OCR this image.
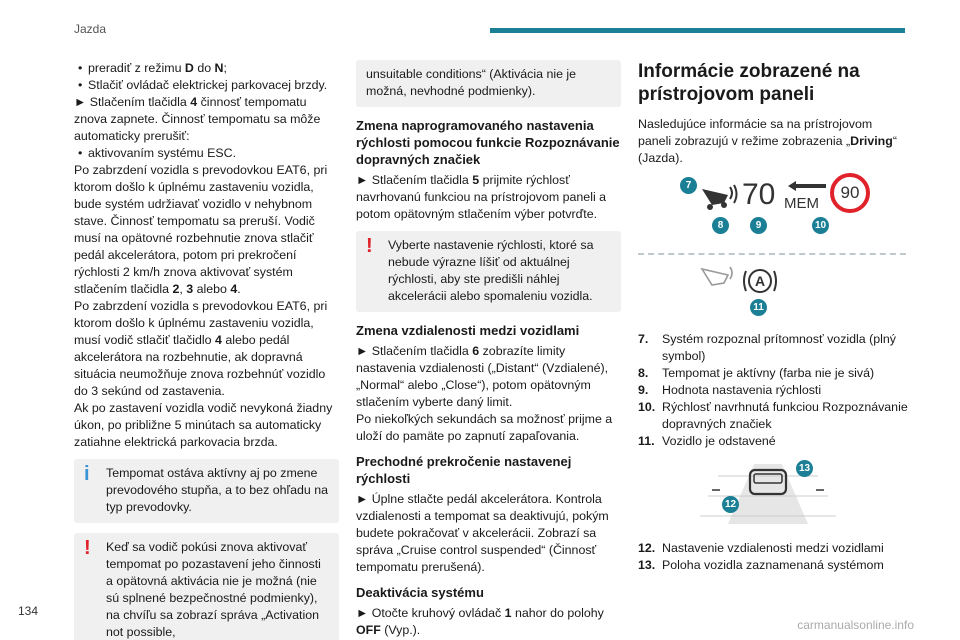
Jazda
• preradiť z režimu D do N;
• Stlačiť ovládač elektrickej parkovacej brzdy.

► Stlačením tlačidla 4 činnosť tempomatu znova zapnete. Činnosť tempomatu sa môže automaticky prerušiť:

• aktivovaním systému ESC.

Po zabrzdení vozidla s prevodovkou EAT6, pri ktorom došlo k úplnému zastaveniu vozidla, bude systém udržiavať vozidlo v nehybnom stave. Činnosť tempomatu sa preruší. Vodič musí na opätovné rozbehnutie znova stlačiť pedál akcelerátora, potom pri prekročení rýchlosti 2 km/h znova aktivovať systém stlačením tlačidla 2, 3 alebo 4.

Po zabrzdení vozidla s prevodovkou EAT6, pri ktorom došlo k úplnému zastaveniu vozidla, musí vodič stlačiť tlačidlo 4 alebo pedál akcelerátora na rozbehnutie, ak dopravná situácia neumožňuje znova rozbehnúť vozidlo do 3 sekúnd od zastavenia.

Ak po zastavení vozidla vodič nevykoná žiadny úkon, po približne 5 minútach sa automaticky zatiahne elektrická parkovacia brzda.

i	Tempomat ostáva aktívny aj po zmene prevodového stupňa, a to bez ohľadu na typ prevodovky.

!	Keď sa vodič pokúsi znova aktivovať tempomat po pozastavení jeho činnosti a opätovná aktivácia nie je možná (nie sú splnené bezpečnostné podmienky), na chvíľu sa zobrazí správa „Activation not possible,

unsuitable conditions“ (Aktivácia nie je možná, nevhodné podmienky).

Zmena naprogramovaného nastavenia rýchlosti pomocou funkcie Rozpoznávanie dopravných značiek

► Stlačením tlačidla 5 prijmite rýchlosť navrhovanú funkciou na prístrojovom paneli a potom opätovným stlačením výber potvrďte.

!	Vyberte nastavenie rýchlosti, ktoré sa nebude výrazne líšiť od aktuálnej rýchlosti, aby ste predišli náhlej akcelerácii alebo spomaleniu vozidla.

Zmena vzdialenosti medzi vozidlami

► Stlačením tlačidla 6 zobrazíte limity nastavenia vzdialenosti („Distant“ (Vzdialené), „Normal“ alebo „Close“), potom opätovným stlačením vyberte daný limit.

Po niekoľkých sekundách sa možnosť prijme a uloží do pamäte po zapnutí zapaľovania.

Prechodné prekročenie nastavenej rýchlosti

► Úplne stlačte pedál akcelerátora. Kontrola vzdialenosti a tempomat sa deaktivujú, pokým budete pokračovať v akcelerácii. Zobrazí sa správa „Cruise control suspended“ (Činnosť tempomatu prerušená).

Deaktivácia systému

► Otočte kruhový ovládač 1 nahor do polohy OFF (Vyp.).

Informácie zobrazené na prístrojovom paneli

Nasledujúce informácie sa na prístrojovom paneli zobrazujú v režime zobrazenia „Driving“ (Jazda).

7
8
70
9
MEM
90
10
A
11
7.	Systém rozpoznal prítomnosť vozidla (plný symbol)
8.	Tempomat je aktívny (farba nie je sivá)
9.	Hodnota nastavenia rýchlosti
10. Rýchlosť navrhnutá funkciou Rozpoznávanie dopravných značiek
11. Vozidlo je odstavené
13
12
12. Nastavenie vzdialenosti medzi vozidlami
13. Poloha vozidla zaznamenaná systémom
134
carmanualsonline.info
